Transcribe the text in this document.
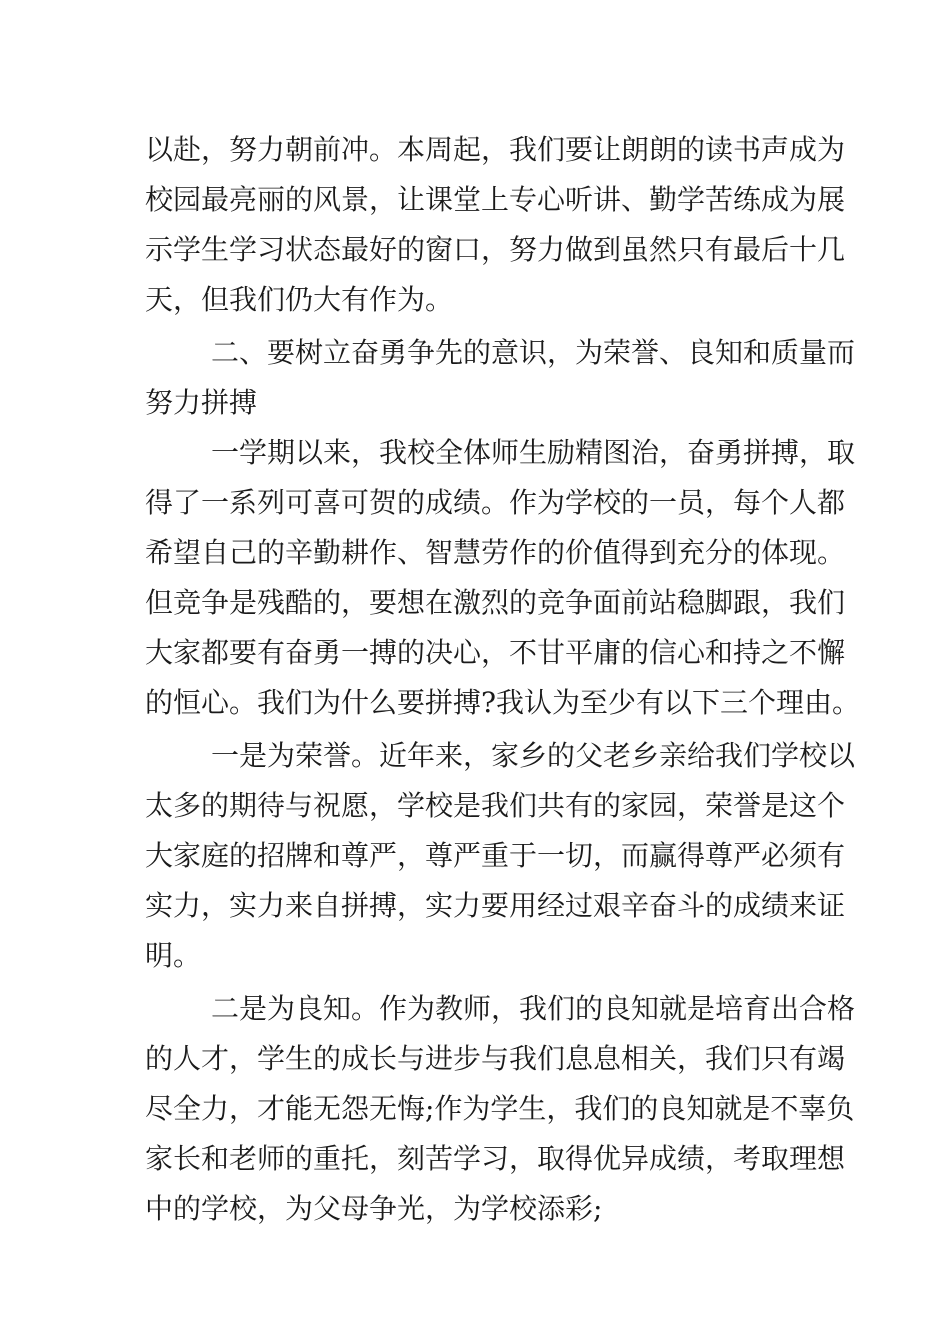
以赴，努力朝前冲。本周起，我们要让朗朗的读书声成为
校园最亮丽的风景，让课堂上专心听讲、勤学苦练成为展
示学生学习状态最好的窗口，努力做到虽然只有最后十几
天，但我们仍大有作为。
二、要树立奋勇争先的意识，为荣誉、良知和质量而
努力拼搏
一学期以来，我校全体师生励精图治，奋勇拼搏，取
得了一系列可喜可贺的成绩。作为学校的一员，每个人都
希望自己的辛勤耕作、智慧劳作的价值得到充分的体现。
但竞争是残酷的，要想在激烈的竞争面前站稳脚跟，我们
大家都要有奋勇一搏的决心，不甘平庸的信心和持之不懈
的恒心。我们为什么要拼搏?我认为至少有以下三个理由。
一是为荣誉。近年来，家乡的父老乡亲给我们学校以
太多的期待与祝愿，学校是我们共有的家园，荣誉是这个
大家庭的招牌和尊严，尊严重于一切，而赢得尊严必须有
实力，实力来自拼搏，实力要用经过艰辛奋斗的成绩来证
明。
二是为良知。作为教师，我们的良知就是培育出合格
的人才，学生的成长与进步与我们息息相关，我们只有竭
尽全力，才能无怨无悔;作为学生，我们的良知就是不辜负
家长和老师的重托，刻苦学习，取得优异成绩，考取理想
中的学校，为父母争光，为学校添彩;
